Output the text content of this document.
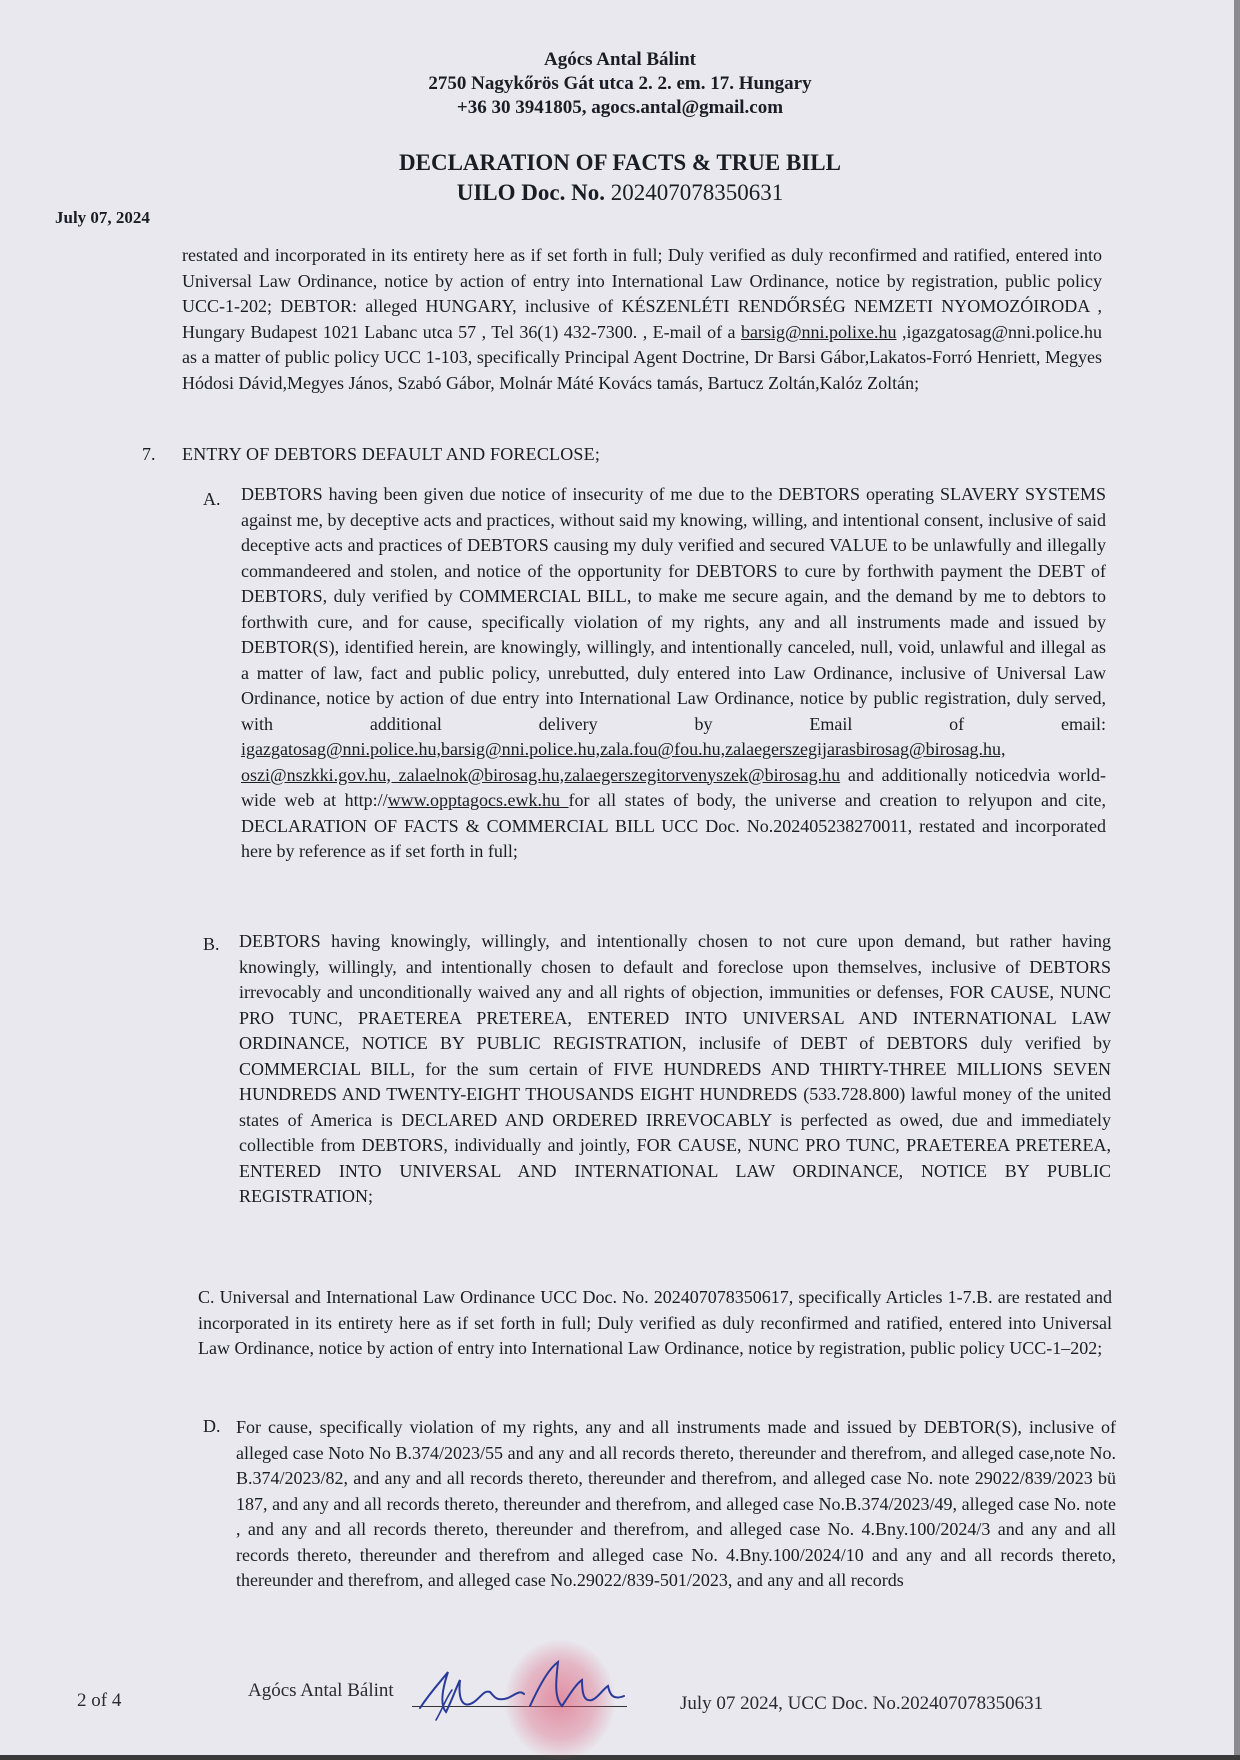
Agócs Antal Bálint
2750 Nagykőrös Gát utca 2. 2. em. 17. Hungary
+36 30 3941805, agocs.antal@gmail.com
DECLARATION OF FACTS & TRUE BILL
UILO Doc. No. 202407078350631
July 07, 2024
restated and incorporated in its entirety here as if set forth in full; Duly verified as duly reconfirmed and ratified, entered into Universal Law Ordinance, notice by action of entry into International Law Ordinance, notice by registration, public policy UCC-1-202; DEBTOR: alleged HUNGARY, inclusive of KÉSZENLÉTI RENDŐRSÉG NEMZETI NYOMOZÓIRODA , Hungary Budapest 1021 Labanc utca 57 , Tel 36(1) 432-7300. , E-mail of a barsig@nni.polixe.hu ,igazgatosag@nni.police.hu as a matter of public policy UCC 1-103, specifically Principal Agent Doctrine, Dr Barsi Gábor,Lakatos-Forró Henriett, Megyes Hódosi Dávid,Megyes János, Szabó Gábor, Molnár Máté Kovács tamás, Bartucz Zoltán,Kalóz Zoltán;
7. ENTRY OF DEBTORS DEFAULT AND FORECLOSE;
A. DEBTORS having been given due notice of insecurity of me due to the DEBTORS operating SLAVERY SYSTEMS against me, by deceptive acts and practices, without said my knowing, willing, and intentional consent, inclusive of said deceptive acts and practices of DEBTORS causing my duly verified and secured VALUE to be unlawfully and illegally commandeered and stolen, and notice of the opportunity for DEBTORS to cure by forthwith payment the DEBT of DEBTORS, duly verified by COMMERCIAL BILL, to make me secure again, and the demand by me to debtors to forthwith cure, and for cause, specifically violation of my rights, any and all instruments made and issued by DEBTOR(S), identified herein, are knowingly, willingly, and intentionally canceled, null, void, unlawful and illegal as a matter of law, fact and public policy, unrebutted, duly entered into Law Ordinance, inclusive of Universal Law Ordinance, notice by action of due entry into International Law Ordinance, notice by public registration, duly served, with additional delivery by Email of email: igazgatosag@nni.police.hu,barsig@nni.police.hu,zala.fou@fou.hu,zalaegerszegijarasbirosag@birosag.hu, oszi@nszkki.gov.hu, zalaelnok@birosag.hu,zalaegerszegitorvenyszek@birosag.hu and additionally noticedvia world-wide web at http://www.opptagocs.ewk.hu for all states of body, the universe and creation to relyupon and cite, DECLARATION OF FACTS & COMMERCIAL BILL UCC Doc. No.202405238270011, restated and incorporated here by reference as if set forth in full;
B. DEBTORS having knowingly, willingly, and intentionally chosen to not cure upon demand, but rather having knowingly, willingly, and intentionally chosen to default and foreclose upon themselves, inclusive of DEBTORS irrevocably and unconditionally waived any and all rights of objection, immunities or defenses, FOR CAUSE, NUNC PRO TUNC, PRAETEREA PRETEREA, ENTERED INTO UNIVERSAL AND INTERNATIONAL LAW ORDINANCE, NOTICE BY PUBLIC REGISTRATION, inclusife of DEBT of DEBTORS duly verified by COMMERCIAL BILL, for the sum certain of FIVE HUNDREDS AND THIRTY-THREE MILLIONS SEVEN HUNDREDS AND TWENTY-EIGHT THOUSANDS EIGHT HUNDREDS (533.728.800) lawful money of the united states of America is DECLARED AND ORDERED IRREVOCABLY is perfected as owed, due and immediately collectible from DEBTORS, individually and jointly, FOR CAUSE, NUNC PRO TUNC, PRAETEREA PRETEREA, ENTERED INTO UNIVERSAL AND INTERNATIONAL LAW ORDINANCE, NOTICE BY PUBLIC REGISTRATION;
C. Universal and International Law Ordinance UCC Doc. No. 202407078350617, specifically Articles 1-7.B. are restated and incorporated in its entirety here as if set forth in full; Duly verified as duly reconfirmed and ratified, entered into Universal Law Ordinance, notice by action of entry into International Law Ordinance, notice by registration, public policy UCC-1–202;
D. For cause, specifically violation of my rights, any and all instruments made and issued by DEBTOR(S), inclusive of alleged case Noto No B.374/2023/55 and any and all records thereto, thereunder and therefrom, and alleged case,note No. B.374/2023/82, and any and all records thereto, thereunder and therefrom, and alleged case No. note 29022/839/2023 bü 187, and any and all records thereto, thereunder and therefrom, and alleged case No.B.374/2023/49, alleged case No. note , and any and all records thereto, thereunder and therefrom, and alleged case No. 4.Bny.100/2024/3 and any and all records thereto, thereunder and therefrom and alleged case No. 4.Bny.100/2024/10 and any and all records thereto, thereunder and therefrom, and alleged case No.29022/839-501/2023, and any and all records
2 of 4	Agócs Antal Bálint
July 07 2024, UCC Doc. No.202407078350631
